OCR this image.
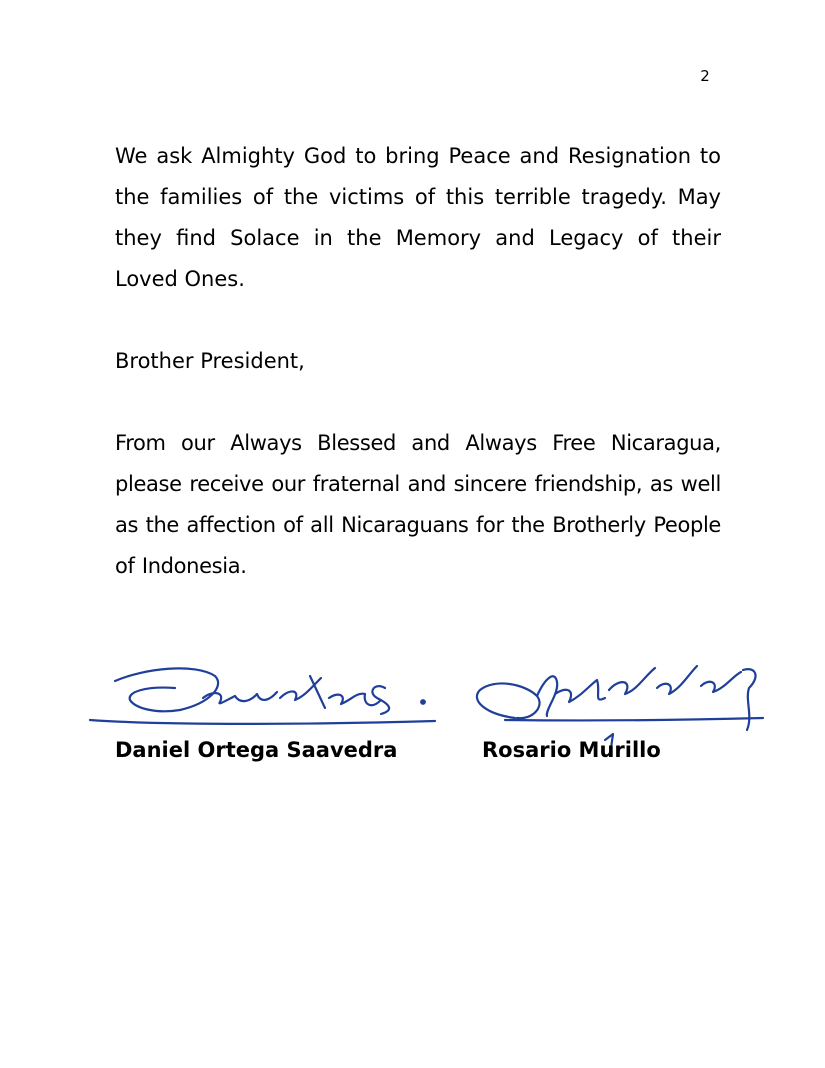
2

We ask Almighty God to bring Peace and Resignation to the families of the victims of this terrible tragedy. May they find Solace in the Memory and Legacy of their Loved Ones.

Brother President,

From our Always Blessed and Always Free Nicaragua, please receive our fraternal and sincere friendship, as well as the affection of all Nicaraguans for the Brotherly People of Indonesia.

Daniel Ortega Saavedra	Rosario Murillo
